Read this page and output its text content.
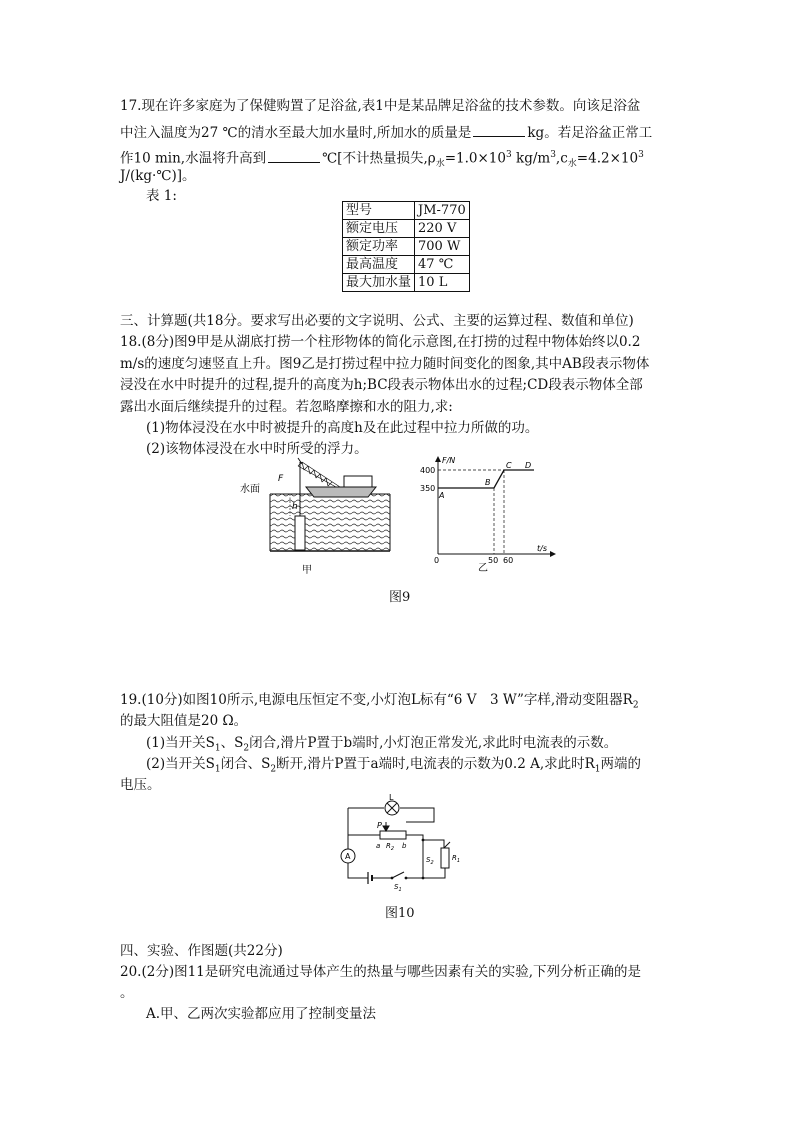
17.现在许多家庭为了保健购置了足浴盆,表1中是某品牌足浴盆的技术参数。向该足浴盆
中注入温度为27 ℃的清水至最大加水量时,所加水的质量是	kg。若足浴盆正常工
作10 min,水温将升高到	℃[不计热量损失$,\rho_水=1.0\times 10^3$ $kg/m^3,c_水=4.2\times 10^3$
J/(kg·℃)]。
表 1:
型号	JM-770
额定电压	220 V
额定功率	700 W
最高温度	47 ℃
最大加水量	10 L
三、计算题(共18分。要求写出必要的文字说明、公式、主要的运算过程、数值和单位)
18.(8分)图9甲是从湖底打捞一个柱形物体的简化示意图,在打捞的过程中物体始终以0.2
m/s的速度匀速竖直上升。图9乙是打捞过程中拉力随时间变化的图象,其中AB段表示物体
浸没在水中时提升的过程,提升的高度为h;BC段表示物体出水的过程;CD段表示物体全部
露出水面后继续提升的过程。若忽略摩擦和水的阻力,求:
(1)物体浸没在水中时被提升的高度h及在此过程中拉力所做的功。
(2)该物体浸没在水中时所受的浮力。
F
h
水面
甲
F/N
t/s
400
350
0	50 60
A
B
C D
乙
图9
19.(10分)如图10所示,电源电压恒定不变,小灯泡L标有“6 V　3 W”字样,滑动变阻器$R_2$
的最大阻值是20 Ω。
(1)当开关$S_1$、$S_2$闭合,滑片P置于b端时,小灯泡正常发光,求此时电流表的示数。
(2)当开关$S_1$闭合、$S_2$断开,滑片P置于a端时,电流表的示数为0.2 A,求此时$R_1$两端的
电压。
L
P
a $R_2$ b
A	$S_2$
$R_1$
$S_1$
图10
四、实验、作图题(共22分)
20.(2分)图11是研究电流通过导体产生的热量与哪些因素有关的实验,下列分析正确的是
。
A.甲、乙两次实验都应用了控制变量法
